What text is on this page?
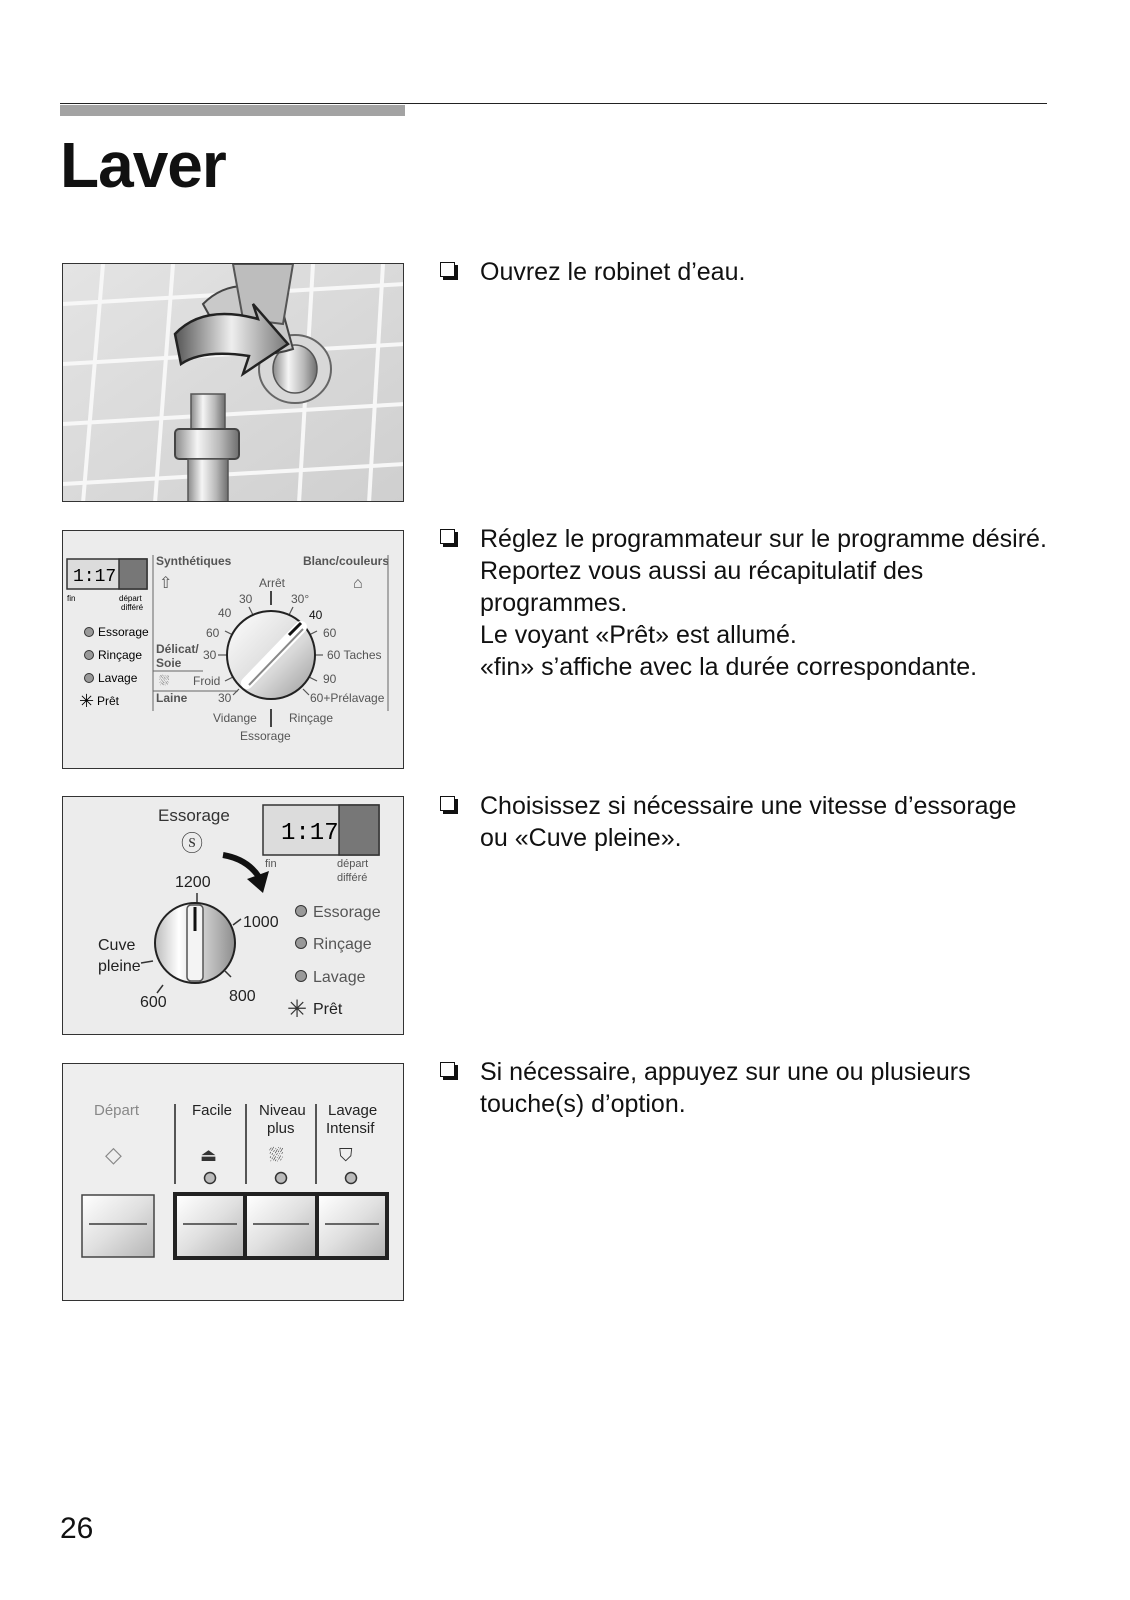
Laver
1:17
fin	départ
différé
Essorage
Rinçage
Lavage
✳ Prêt
Synthétiques	Blanc/couleurs
⇧	⌂
Arrêt
40
30	30°
40
60	60
Délicat/
Soie
30	60 Taches
⛆ Froid	90
Laine	30	60+Prélavage
Vidange	Rinçage
Essorage
Essorage
ⓢ	1:17
fin	départ
différé
1200
1000
800
600
Cuve
pleine
Essorage
Rinçage
Lavage
✳ Prêt
Départ	Facile Niveau
plus
Lavage
Intensif
◇	⏏	⛆	⛉

Ouvrez le robinet d’eau.

Réglez le programmateur sur le programme désiré.
Reportez vous aussi au récapitulatif des
programmes.
Le voyant «Prêt» est allumé.
«fin» s’affiche avec la durée correspondante.

Choisissez si nécessaire une vitesse d’essorage
ou «Cuve pleine».

Si nécessaire, appuyez sur une ou plusieurs
touche(s) d’option.

26
